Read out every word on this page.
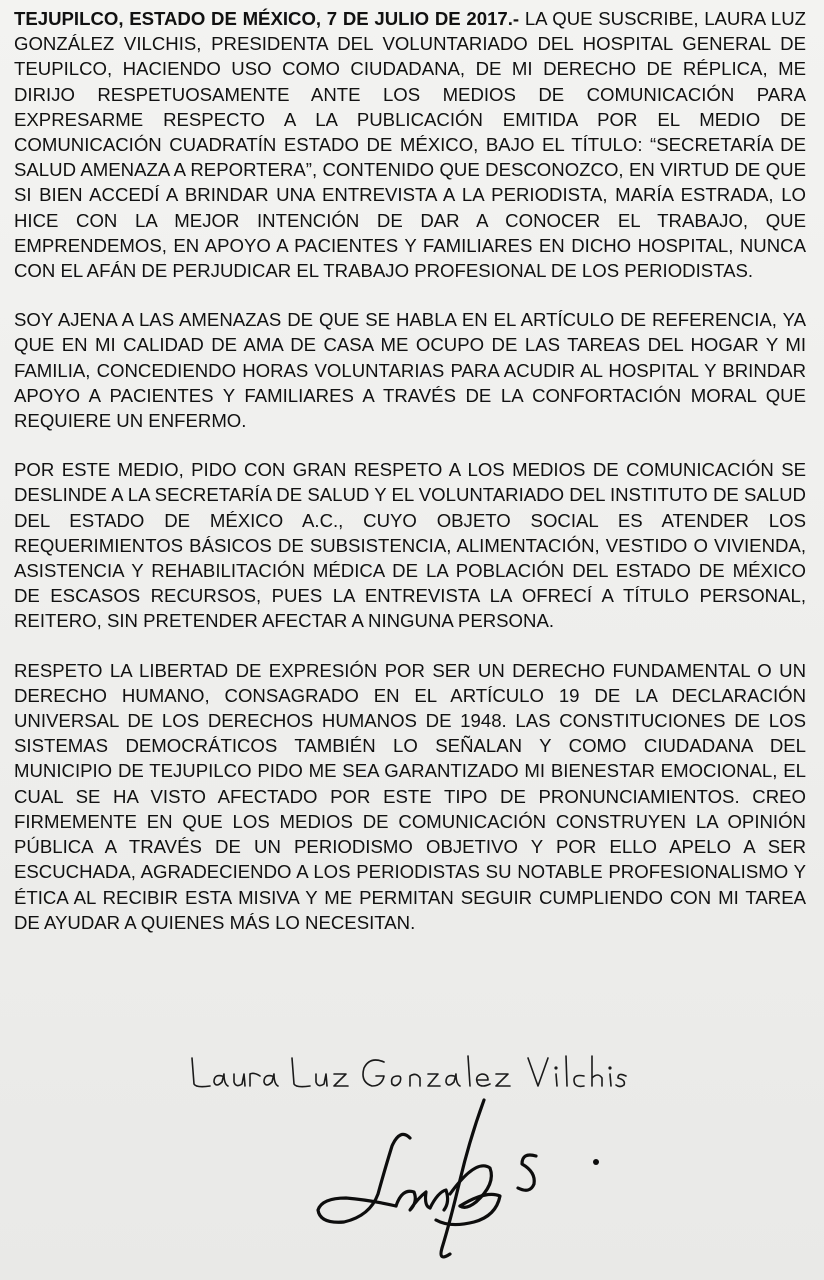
TEJUPILCO, ESTADO DE MÉXICO, 7 DE JULIO DE 2017.- LA QUE SUSCRIBE, LAURA LUZ GONZÁLEZ VILCHIS, PRESIDENTA DEL VOLUNTARIADO DEL HOSPITAL GENERAL DE TEUPILCO, HACIENDO USO COMO CIUDADANA, DE MI DERECHO DE RÉPLICA, ME DIRIJO RESPETUOSAMENTE ANTE LOS MEDIOS DE COMUNICACIÓN PARA EXPRESARME RESPECTO A LA PUBLICACIÓN EMITIDA POR EL MEDIO DE COMUNICACIÓN CUADRATÍN ESTADO DE MÉXICO, BAJO EL TÍTULO: “SECRETARÍA DE SALUD AMENAZA A REPORTERA”, CONTENIDO QUE DESCONOZCO, EN VIRTUD DE QUE SI BIEN ACCEDÍ A BRINDAR UNA ENTREVISTA A LA PERIODISTA, MARÍA ESTRADA, LO HICE CON LA MEJOR INTENCIÓN DE DAR A CONOCER EL TRABAJO, QUE EMPRENDEMOS, EN APOYO A PACIENTES Y FAMILIARES EN DICHO HOSPITAL, NUNCA CON EL AFÁN DE PERJUDICAR EL TRABAJO PROFESIONAL DE LOS PERIODISTAS.

SOY AJENA A LAS AMENAZAS DE QUE SE HABLA EN EL ARTÍCULO DE REFERENCIA, YA QUE EN MI CALIDAD DE AMA DE CASA ME OCUPO DE LAS TAREAS DEL HOGAR Y MI FAMILIA, CONCEDIENDO HORAS VOLUNTARIAS PARA ACUDIR AL HOSPITAL Y BRINDAR APOYO A PACIENTES Y FAMILIARES A TRAVÉS DE LA CONFORTACIÓN MORAL QUE REQUIERE UN ENFERMO.

POR ESTE MEDIO, PIDO CON GRAN RESPETO A LOS MEDIOS DE COMUNICACIÓN SE DESLINDE A LA SECRETARÍA DE SALUD Y EL VOLUNTARIADO DEL INSTITUTO DE SALUD DEL ESTADO DE MÉXICO A.C., CUYO OBJETO SOCIAL ES ATENDER LOS REQUERIMIENTOS BÁSICOS DE SUBSISTENCIA, ALIMENTACIÓN, VESTIDO O VIVIENDA, ASISTENCIA Y REHABILITACIÓN MÉDICA DE LA POBLACIÓN DEL ESTADO DE MÉXICO DE ESCASOS RECURSOS, PUES LA ENTREVISTA LA OFRECÍ A TÍTULO PERSONAL, REITERO, SIN PRETENDER AFECTAR A NINGUNA PERSONA.

RESPETO LA LIBERTAD DE EXPRESIÓN POR SER UN DERECHO FUNDAMENTAL O UN DERECHO HUMANO, CONSAGRADO EN EL ARTÍCULO 19 DE LA DECLARACIÓN UNIVERSAL DE LOS DERECHOS HUMANOS DE 1948. LAS CONSTITUCIONES DE LOS SISTEMAS DEMOCRÁTICOS TAMBIÉN LO SEÑALAN Y COMO CIUDADANA DEL MUNICIPIO DE TEJUPILCO PIDO ME SEA GARANTIZADO MI BIENESTAR EMOCIONAL, EL CUAL SE HA VISTO AFECTADO POR ESTE TIPO DE PRONUNCIAMIENTOS. CREO FIRMEMENTE EN QUE LOS MEDIOS DE COMUNICACIÓN CONSTRUYEN LA OPINIÓN PÚBLICA A TRAVÉS DE UN PERIODISMO OBJETIVO Y POR ELLO APELO A SER ESCUCHADA, AGRADECIENDO A LOS PERIODISTAS SU NOTABLE PROFESIONALISMO Y ÉTICA AL RECIBIR ESTA MISIVA Y ME PERMITAN SEGUIR CUMPLIENDO CON MI TAREA DE AYUDAR A QUIENES MÁS LO NECESITAN.
